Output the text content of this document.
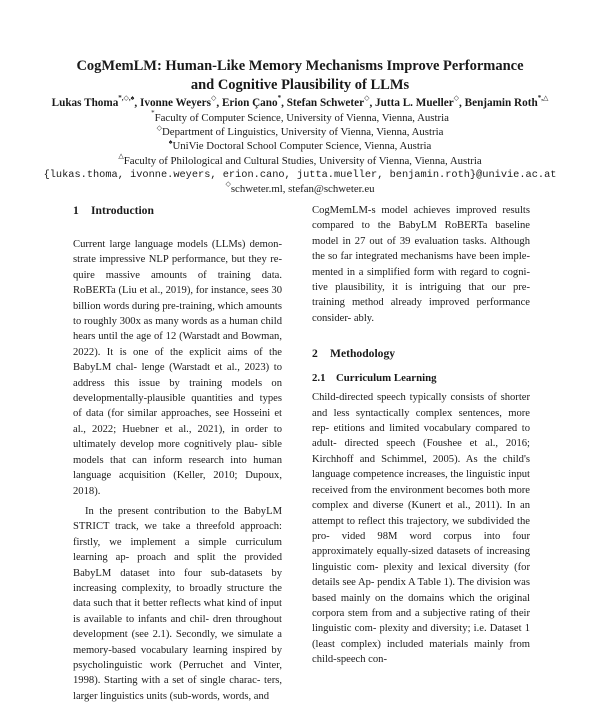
CogMemLM: Human-Like Memory Mechanisms Improve Performance
and Cognitive Plausibility of LLMs
Lukas Thoma*,◇,♠, Ivonne Weyers◇, Erion Çano*, Stefan Schweter◇, Jutta L. Mueller◇, Benjamin Roth*,△
*Faculty of Computer Science, University of Vienna, Vienna, Austria
◇Department of Linguistics, University of Vienna, Vienna, Austria
♠UniVie Doctoral School Computer Science, Vienna, Austria
△Faculty of Philological and Cultural Studies, University of Vienna, Vienna, Austria
{lukas.thoma, ivonne.weyers, erion.cano, jutta.mueller, benjamin.roth}@univie.ac.at
◇schweter.ml, stefan@schweter.eu
1 Introduction

Current large language models (LLMs) demon- strate impressive NLP performance, but they re- quire massive amounts of training data. RoBERTa (Liu et al., 2019), for instance, sees 30 billion words during pre-training, which amounts to roughly 300x as many words as a human child hears until the age of 12 (Warstadt and Bowman, 2022). It is one of the explicit aims of the BabyLM chal- lenge (Warstadt et al., 2023) to address this issue by training models on developmentally-plausible quantities and types of data (for similar approaches, see Hosseini et al., 2022; Huebner et al., 2021), in order to ultimately develop more cognitively plau- sible models that can inform research into human language acquisition (Keller, 2010; Dupoux, 2018).

In the present contribution to the BabyLM STRICT track, we take a threefold approach: firstly, we implement a simple curriculum learning ap- proach and split the provided BabyLM dataset into four sub-datasets by increasing complexity, to broadly structure the data such that it better reflects what kind of input is available to infants and chil- dren throughout development (see 2.1). Secondly, we simulate a memory-based vocabulary learning inspired by psycholinguistic work (Perruchet and Vinter, 1998). Starting with a set of single charac- ters, larger linguistics units (sub-words, words, and

CogMemLM-s model achieves improved results compared to the BabyLM RoBERTa baseline model in 27 out of 39 evaluation tasks. Although the so far integrated mechanisms have been imple- mented in a simplified form with regard to cogni- tive plausibility, it is intriguing that our pre-training method already improved performance consider- ably.

2 Methodology
2.1 Curriculum Learning

Child-directed speech typically consists of shorter and less syntactically complex sentences, more rep- etitions and limited vocabulary compared to adult- directed speech (Foushee et al., 2016; Kirchhoff and Schimmel, 2005). As the child's language competence increases, the linguistic input received from the environment becomes both more complex and diverse (Kunert et al., 2011). In an attempt to reflect this trajectory, we subdivided the pro- vided 98M word corpus into four approximately equally-sized datasets of increasing linguistic com- plexity and lexical diversity (for details see Ap- pendix A Table 1). The division was based mainly on the domains which the original corpora stem from and a subjective rating of their linguistic com- plexity and diversity; i.e. Dataset 1 (least complex) included materials mainly from child-speech con-
